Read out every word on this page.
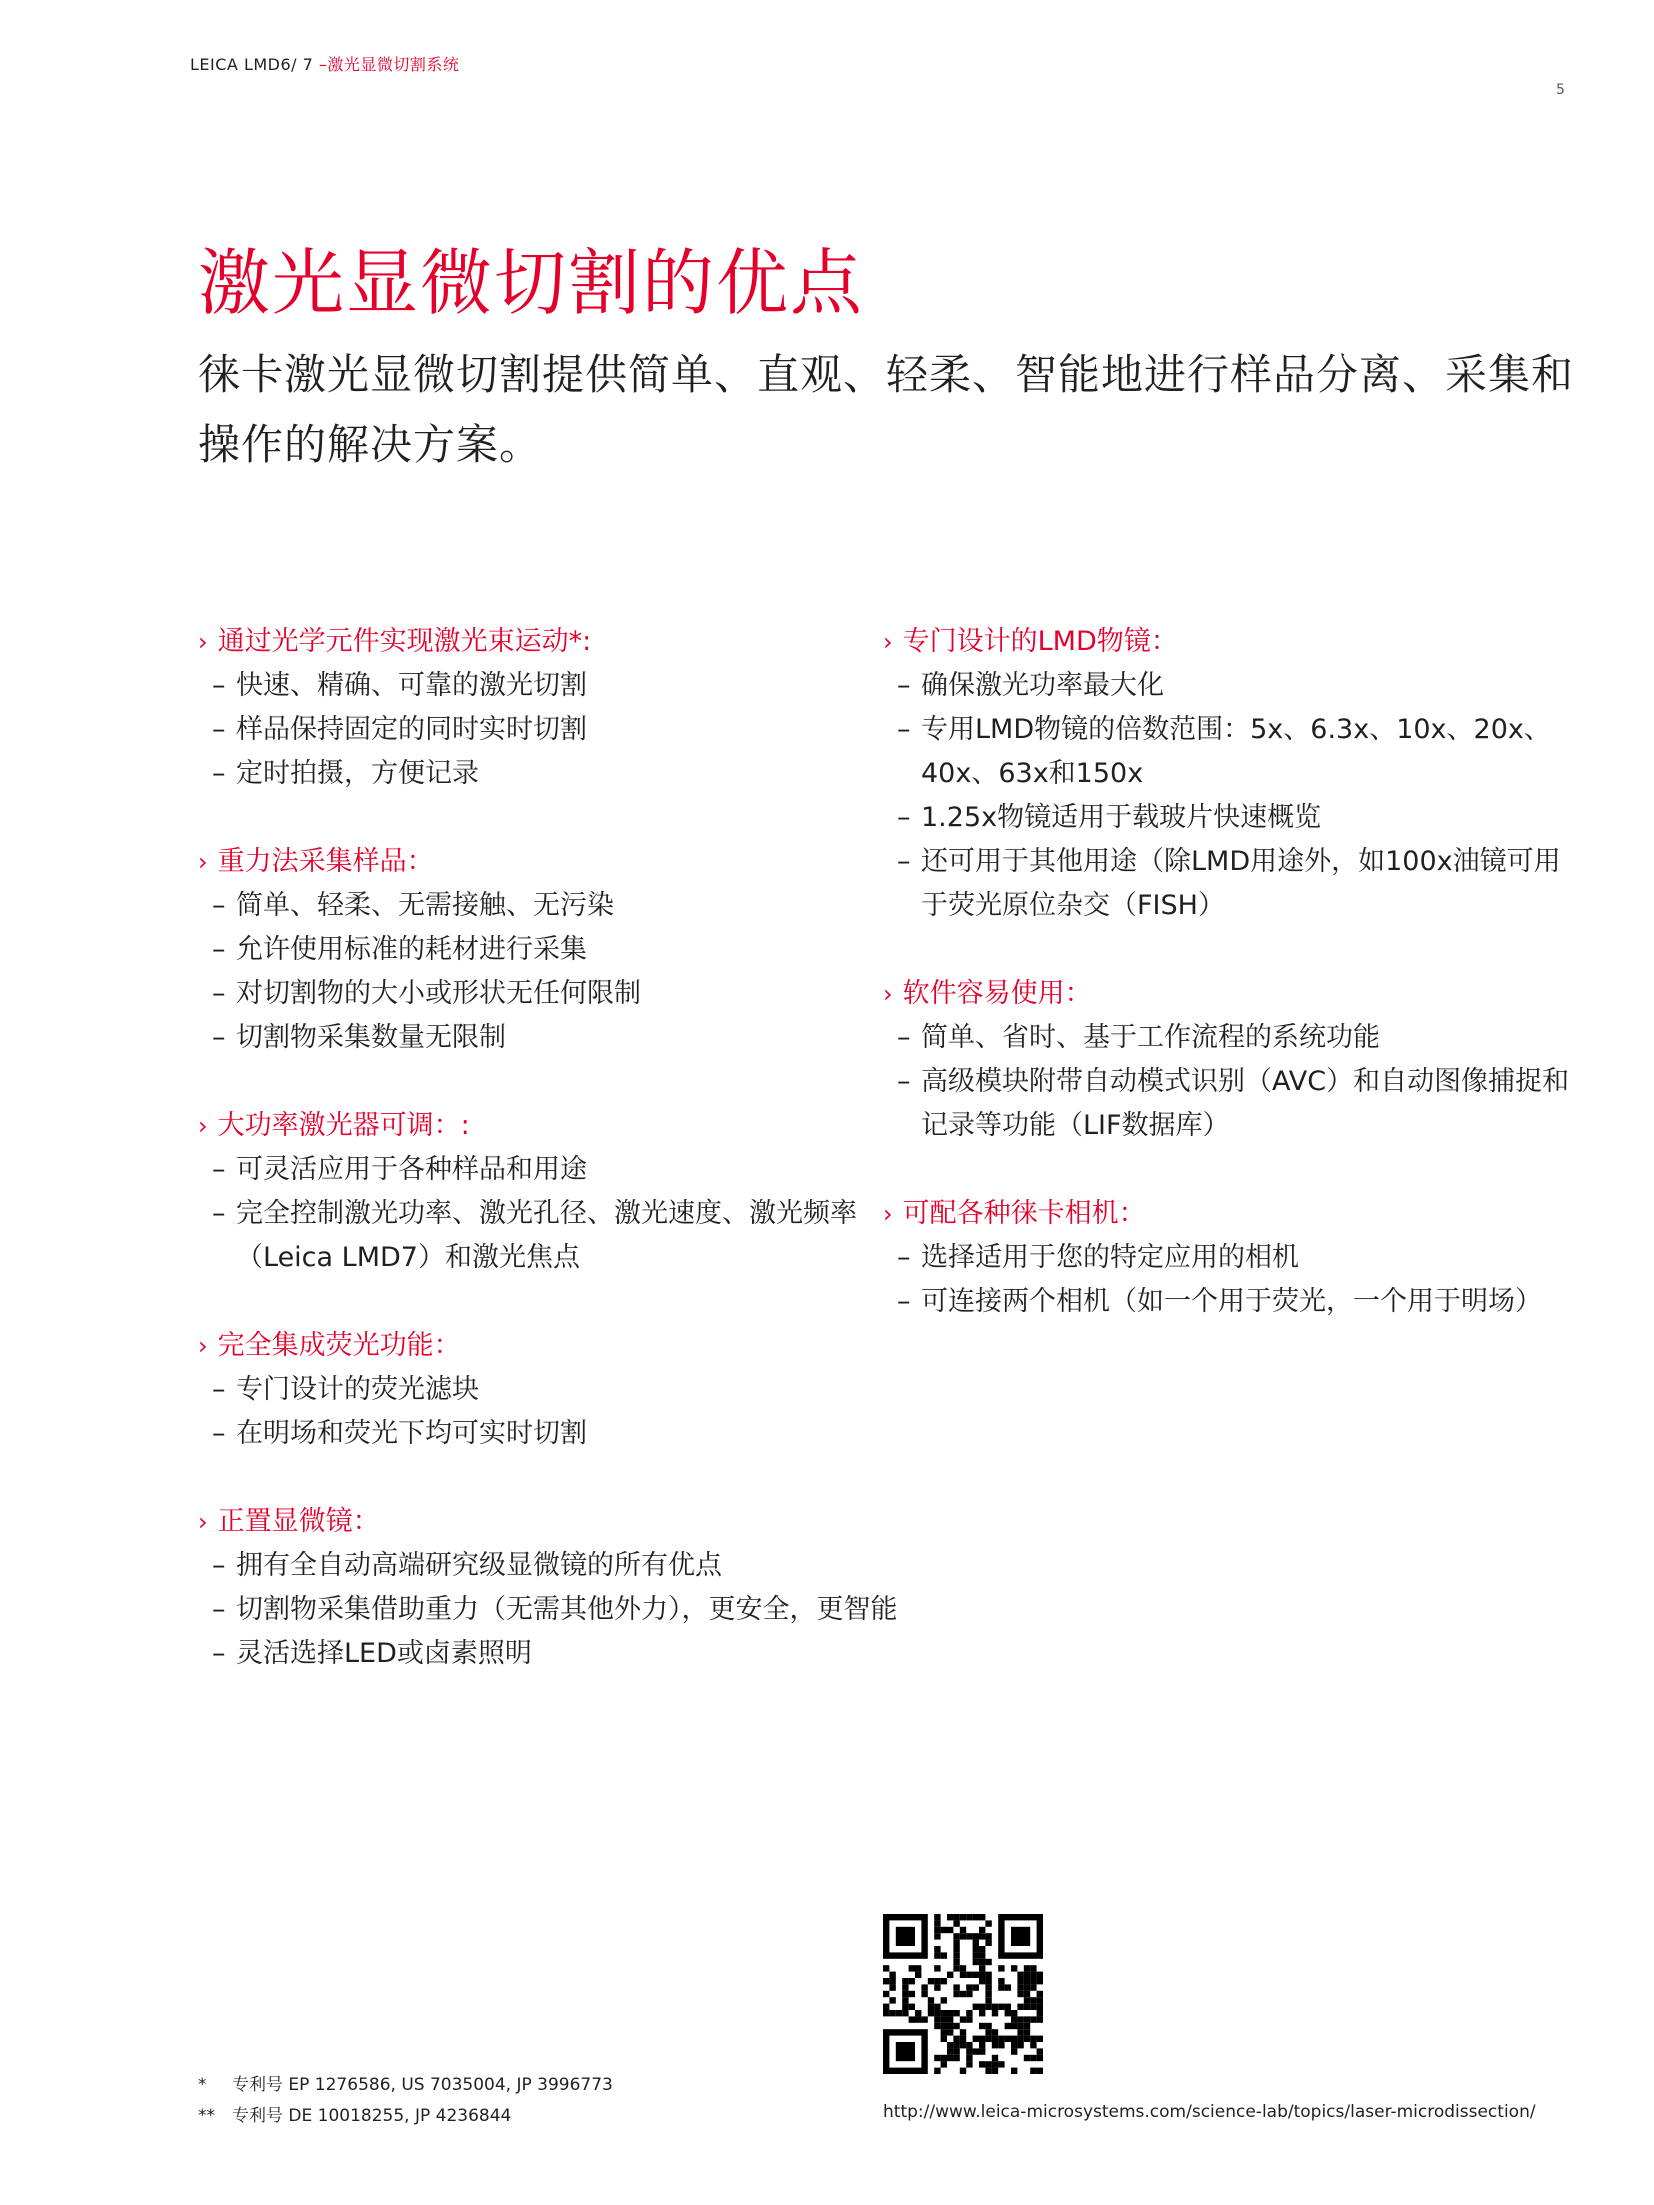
LEICA LMD6/ 7 –激光显微切割系统
5
激光显微切割的优点

徕卡激光显微切割提供简单、直观、轻柔、智能地进行样品分离、采集和操作的解决方案。

› 通过光学元件实现激光束运动*:
– 快速、精确、可靠的激光切割
– 样品保持固定的同时实时切割
– 定时拍摄，方便记录
› 重力法采集样品：
– 简单、轻柔、无需接触、无污染
– 允许使用标准的耗材进行采集
– 对切割物的大小或形状无任何限制
– 切割物采集数量无限制
› 大功率激光器可调：:
– 可灵活应用于各种样品和用途
– 完全控制激光功率、激光孔径、激光速度、激光频率（Leica LMD7）和激光焦点
› 完全集成荧光功能：
– 专门设计的荧光滤块
– 在明场和荧光下均可实时切割
› 正置显微镜：
– 拥有全自动高端研究级显微镜的所有优点
– 切割物采集借助重力（无需其他外力），更安全，更智能
– 灵活选择LED或卤素照明
› 专门设计的LMD物镜：
– 确保激光功率最大化
– 专用LMD物镜的倍数范围：5x、6.3x、10x、20x、40x、63x和150x
– 1.25x物镜适用于载玻片快速概览
– 还可用于其他用途（除LMD用途外，如100x油镜可用于荧光原位杂交（FISH）
› 软件容易使用：
– 简单、省时、基于工作流程的系统功能
– 高级模块附带自动模式识别（AVC）和自动图像捕捉和记录等功能（LIF数据库）
› 可配各种徕卡相机：
– 选择适用于您的特定应用的相机
– 可连接两个相机（如一个用于荧光，一个用于明场）
*	专利号 EP 1276586, US 7035004, JP 3996773
**	专利号 DE 10018255, JP 4236844	http://www.leica-microsystems.com/science-lab/topics/laser-microdissection/
